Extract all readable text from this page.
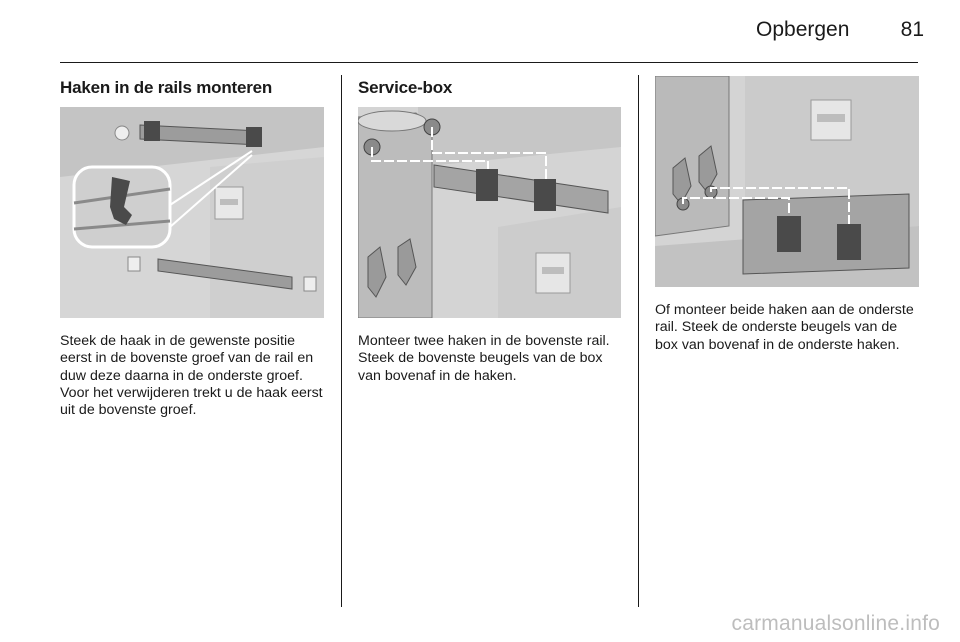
Opbergen	81
Haken in de rails monteren

Steek de haak in de gewenste positie eerst in de bovenste groef van de rail en duw deze daarna in de onderste groef. Voor het verwijderen trekt u de haak eerst uit de bovenste groef.

Service-box

Monteer twee haken in de bovenste rail. Steek de bovenste beugels van de box van bovenaf in de haken.

Of monteer beide haken aan de onderste rail. Steek de onderste beugels van de box van bovenaf in de onderste haken.

carmanualsonline.info
